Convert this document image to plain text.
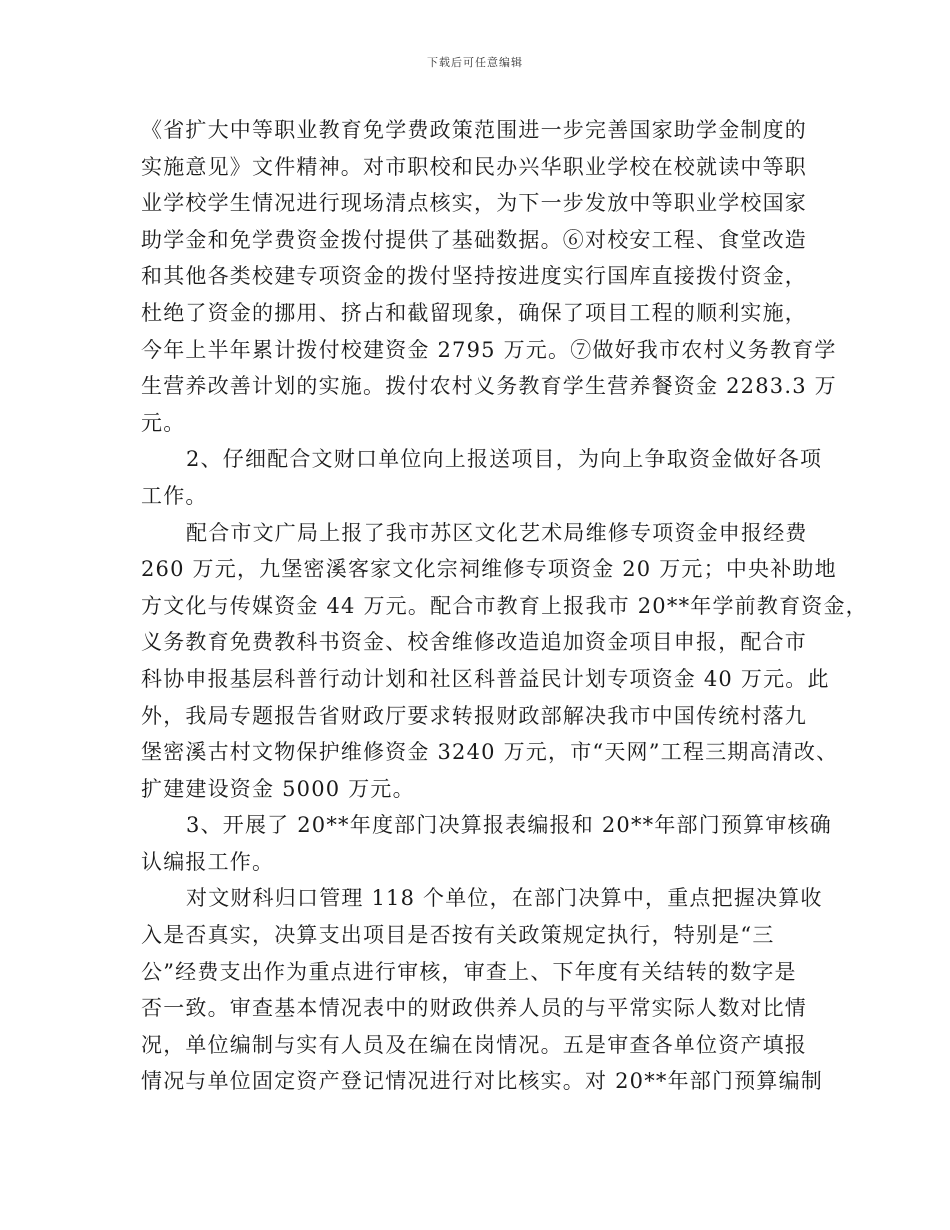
下载后可任意编辑
《省扩大中等职业教育免学费政策范围进一步完善国家助学金制度的
实施意见》文件精神。对市职校和民办兴华职业学校在校就读中等职
业学校学生情况进行现场清点核实，为下一步发放中等职业学校国家
助学金和免学费资金拨付提供了基础数据。⑥对校安工程、食堂改造
和其他各类校建专项资金的拨付坚持按进度实行国库直接拨付资金，
杜绝了资金的挪用、挤占和截留现象，确保了项目工程的顺利实施，
今年上半年累计拨付校建资金 2795 万元。⑦做好我市农村义务教育学
生营养改善计划的实施。拨付农村义务教育学生营养餐资金 2283.3 万
元。
2、仔细配合文财口单位向上报送项目，为向上争取资金做好各项
工作。
配合市文广局上报了我市苏区文化艺术局维修专项资金申报经费
260 万元，九堡密溪客家文化宗祠维修专项资金 20 万元；中央补助地
方文化与传媒资金 44 万元。配合市教育上报我市 20**年学前教育资金，
义务教育免费教科书资金、校舍维修改造追加资金项目申报，配合市
科协申报基层科普行动计划和社区科普益民计划专项资金 40 万元。此
外，我局专题报告省财政厅要求转报财政部解决我市中国传统村落九
堡密溪古村文物保护维修资金 3240 万元，市“天网”工程三期高清改、
扩建建设资金 5000 万元。
3、开展了 20**年度部门决算报表编报和 20**年部门预算审核确
认编报工作。
对文财科归口管理 118 个单位，在部门决算中，重点把握决算收
入是否真实，决算支出项目是否按有关政策规定执行，特别是“三
公”经费支出作为重点进行审核，审查上、下年度有关结转的数字是
否一致。审查基本情况表中的财政供养人员的与平常实际人数对比情
况，单位编制与实有人员及在编在岗情况。五是审查各单位资产填报
情况与单位固定资产登记情况进行对比核实。对 20**年部门预算编制
